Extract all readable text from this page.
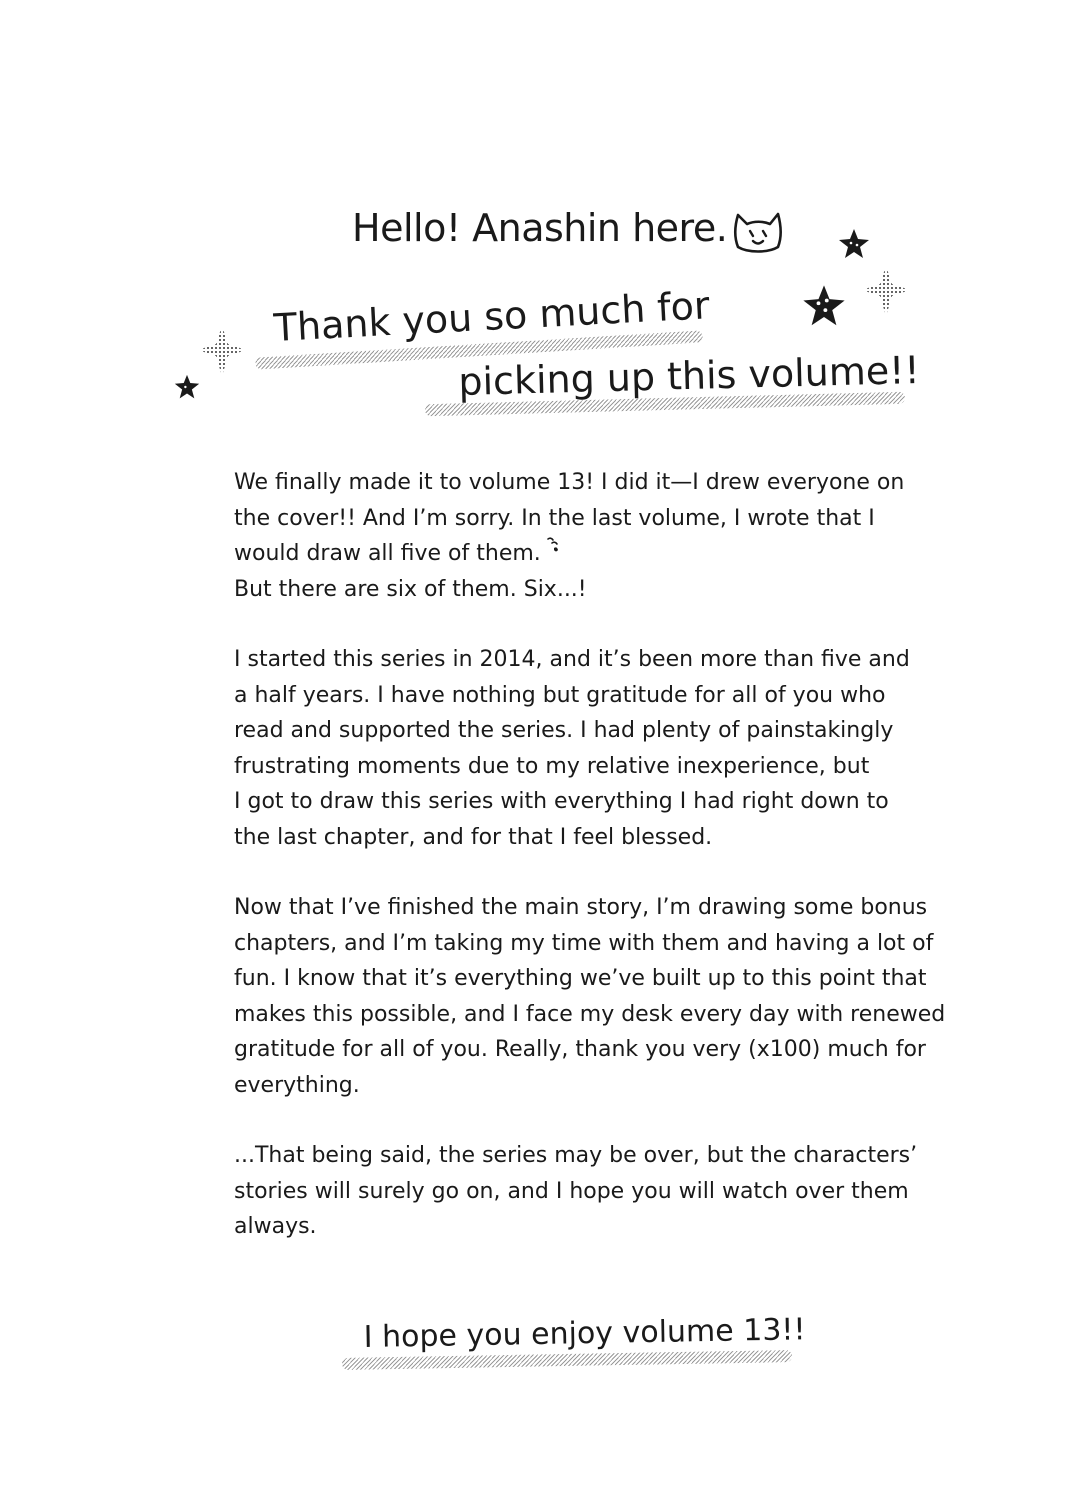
Hello! Anashin here.
Thank you so much for
picking up this volume!!

We finally made it to volume 13! I did it—I drew everyone on
the cover!! And I’m sorry. In the last volume, I wrote that I
would draw all five of them.
But there are six of them. Six...!

I started this series in 2014, and it’s been more than five and
a half years. I have nothing but gratitude for all of you who
read and supported the series. I had plenty of painstakingly
frustrating moments due to my relative inexperience, but
I got to draw this series with everything I had right down to
the last chapter, and for that I feel blessed.

Now that I’ve finished the main story, I’m drawing some bonus
chapters, and I’m taking my time with them and having a lot of
fun. I know that it’s everything we’ve built up to this point that
makes this possible, and I face my desk every day with renewed
gratitude for all of you. Really, thank you very (x100) much for
everything.

...That being said, the series may be over, but the characters’
stories will surely go on, and I hope you will watch over them
always.

I hope you enjoy volume 13!!
